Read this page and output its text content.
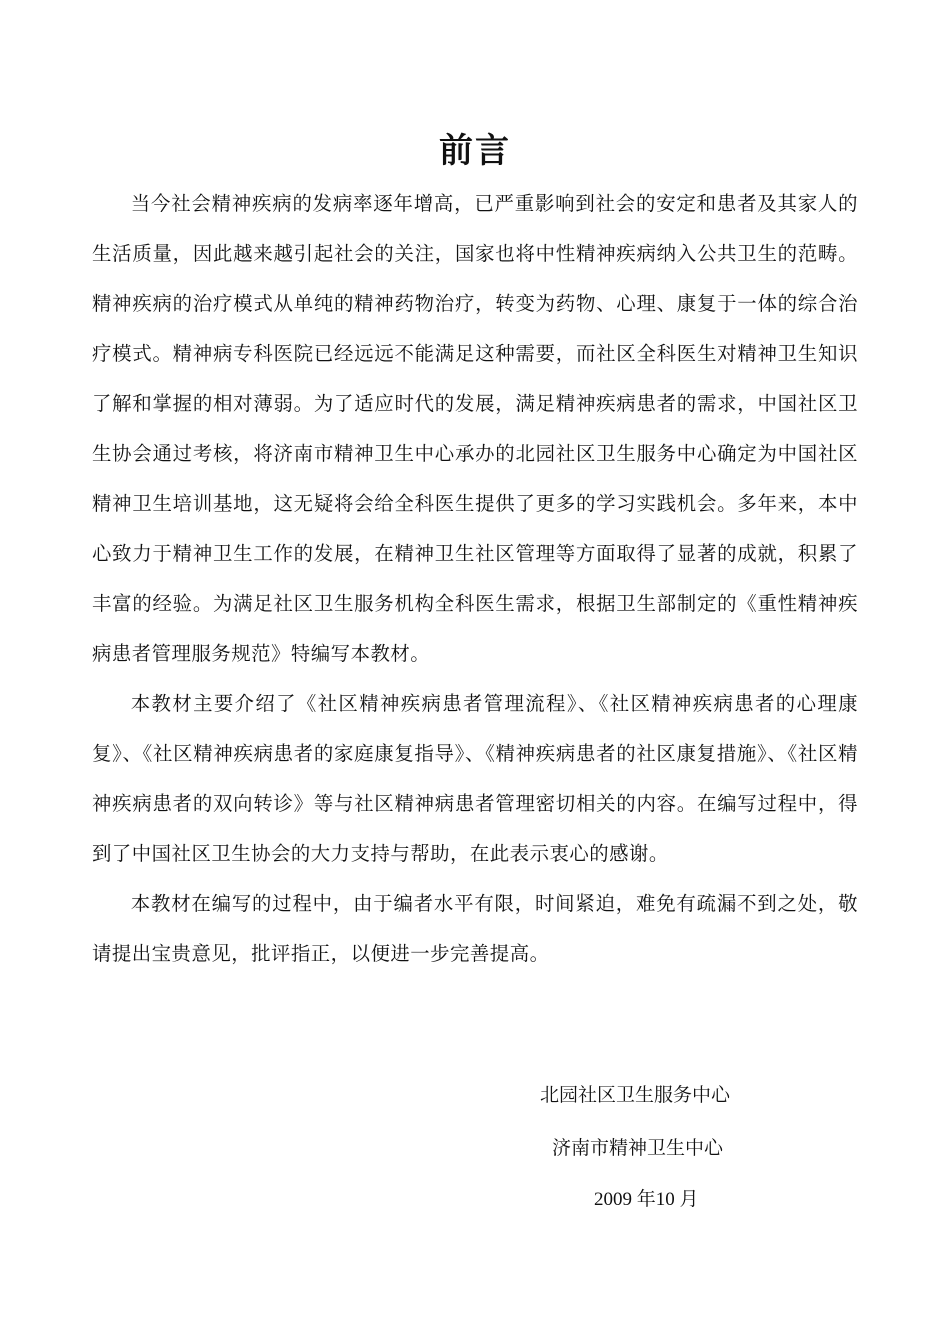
前言

当今社会精神疾病的发病率逐年增高，已严重影响到社会的安定和患者及其家人的生活质量，因此越来越引起社会的关注，国家也将中性精神疾病纳入公共卫生的范畴。精神疾病的治疗模式从单纯的精神药物治疗，转变为药物、心理、康复于一体的综合治疗模式。精神病专科医院已经远远不能满足这种需要，而社区全科医生对精神卫生知识了解和掌握的相对薄弱。为了适应时代的发展，满足精神疾病患者的需求，中国社区卫生协会通过考核，将济南市精神卫生中心承办的北园社区卫生服务中心确定为中国社区精神卫生培训基地，这无疑将会给全科医生提供了更多的学习实践机会。多年来，本中心致力于精神卫生工作的发展，在精神卫生社区管理等方面取得了显著的成就，积累了丰富的经验。为满足社区卫生服务机构全科医生需求，根据卫生部制定的《重性精神疾病患者管理服务规范》特编写本教材。

本教材主要介绍了《社区精神疾病患者管理流程》、《社区精神疾病患者的心理康复》、《社区精神疾病患者的家庭康复指导》、《精神疾病患者的社区康复措施》、《社区精神疾病患者的双向转诊》等与社区精神病患者管理密切相关的内容。在编写过程中，得到了中国社区卫生协会的大力支持与帮助，在此表示衷心的感谢。

本教材在编写的过程中，由于编者水平有限，时间紧迫，难免有疏漏不到之处，敬请提出宝贵意见，批评指正，以便进一步完善提高。

北园社区卫生服务中心
济南市精神卫生中心
2009 年10 月
